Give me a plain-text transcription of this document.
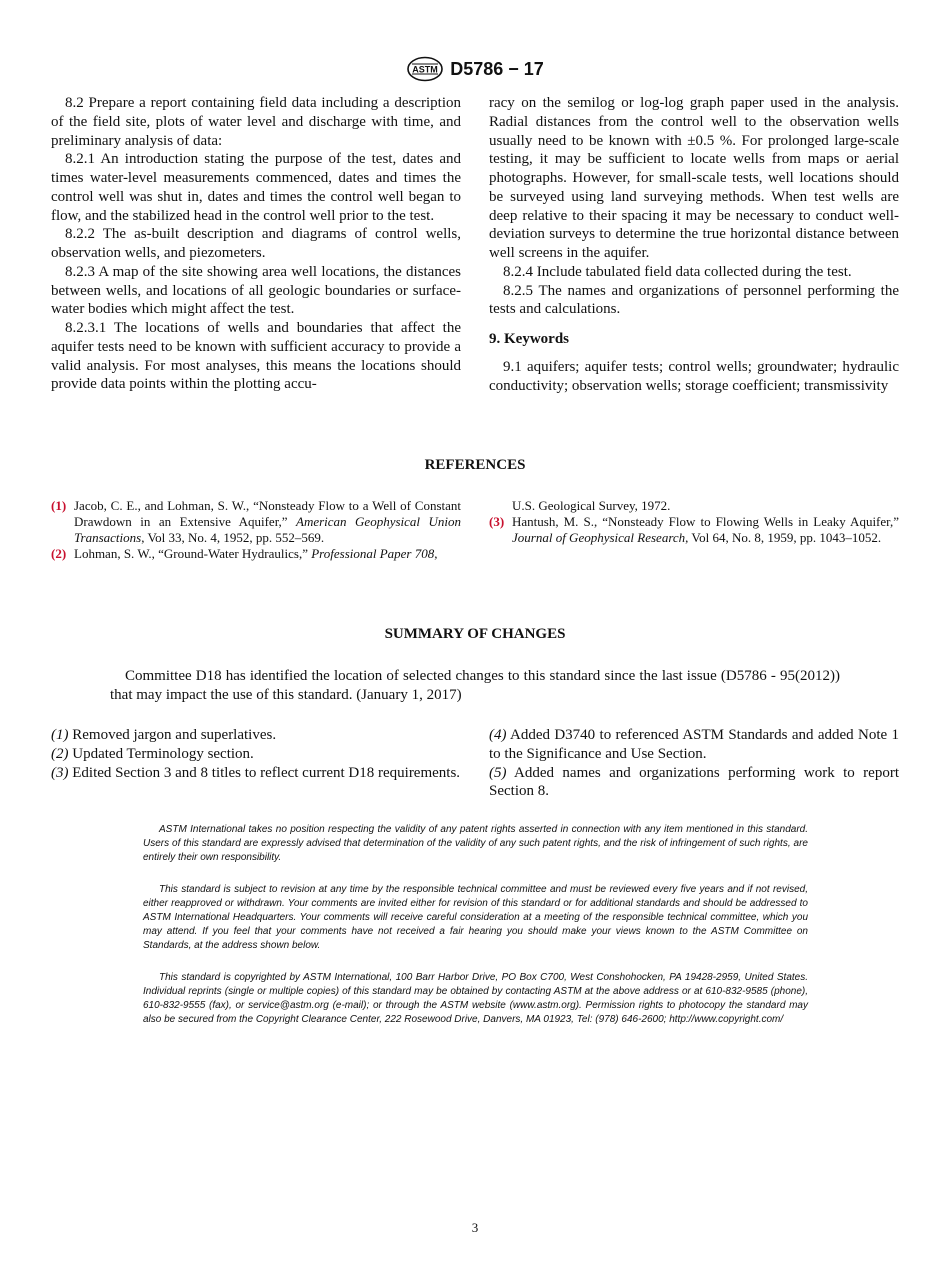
ASTM D5786 − 17

8.2 Prepare a report containing field data including a description of the field site, plots of water level and discharge with time, and preliminary analysis of data:

8.2.1 An introduction stating the purpose of the test, dates and times water-level measurements commenced, dates and times the control well was shut in, dates and times the control well began to flow, and the stabilized head in the control well prior to the test.

8.2.2 The as-built description and diagrams of control wells, observation wells, and piezometers.

8.2.3 A map of the site showing area well locations, the distances between wells, and locations of all geologic boundaries or surface-water bodies which might affect the test.

8.2.3.1 The locations of wells and boundaries that affect the aquifer tests need to be known with sufficient accuracy to provide a valid analysis. For most analyses, this means the locations should provide data points within the plotting accu-

racy on the semilog or log-log graph paper used in the analysis. Radial distances from the control well to the observation wells usually need to be known with ±0.5 %. For prolonged large-scale testing, it may be sufficient to locate wells from maps or aerial photographs. However, for small-scale tests, well locations should be surveyed using land surveying methods. When test wells are deep relative to their spacing it may be necessary to conduct well-deviation surveys to determine the true horizontal distance between well screens in the aquifer.

8.2.4 Include tabulated field data collected during the test.

8.2.5 The names and organizations of personnel performing the tests and calculations.

9. Keywords

9.1 aquifers; aquifer tests; control wells; groundwater; hydraulic conductivity; observation wells; storage coefficient; transmissivity

REFERENCES
(1) Jacob, C. E., and Lohman, S. W., “Nonsteady Flow to a Well of Constant Drawdown in an Extensive Aquifer,” American Geophysical Union Transactions, Vol 33, No. 4, 1952, pp. 552–569.
(2) Lohman, S. W., “Ground-Water Hydraulics,” Professional Paper 708,
U.S. Geological Survey, 1972.
(3) Hantush, M. S., “Nonsteady Flow to Flowing Wells in Leaky Aquifer,” Journal of Geophysical Research, Vol 64, No. 8, 1959, pp. 1043–1052.
SUMMARY OF CHANGES
Committee D18 has identified the location of selected changes to this standard since the last issue (D5786 - 95(2012)) that may impact the use of this standard. (January 1, 2017)

(1) Removed jargon and superlatives.

(2) Updated Terminology section.

(3) Edited Section 3 and 8 titles to reflect current D18 requirements.

(4) Added D3740 to referenced ASTM Standards and added Note 1 to the Significance and Use Section.

(5) Added names and organizations performing work to report Section 8.

ASTM International takes no position respecting the validity of any patent rights asserted in connection with any item mentioned in this standard. Users of this standard are expressly advised that determination of the validity of any such patent rights, and the risk of infringement of such rights, are entirely their own responsibility.

This standard is subject to revision at any time by the responsible technical committee and must be reviewed every five years and if not revised, either reapproved or withdrawn. Your comments are invited either for revision of this standard or for additional standards and should be addressed to ASTM International Headquarters. Your comments will receive careful consideration at a meeting of the responsible technical committee, which you may attend. If you feel that your comments have not received a fair hearing you should make your views known to the ASTM Committee on Standards, at the address shown below.

This standard is copyrighted by ASTM International, 100 Barr Harbor Drive, PO Box C700, West Conshohocken, PA 19428-2959, United States. Individual reprints (single or multiple copies) of this standard may be obtained by contacting ASTM at the above address or at 610-832-9585 (phone), 610-832-9555 (fax), or service@astm.org (e-mail); or through the ASTM website (www.astm.org). Permission rights to photocopy the standard may also be secured from the Copyright Clearance Center, 222 Rosewood Drive, Danvers, MA 01923, Tel: (978) 646-2600; http://www.copyright.com/

3
